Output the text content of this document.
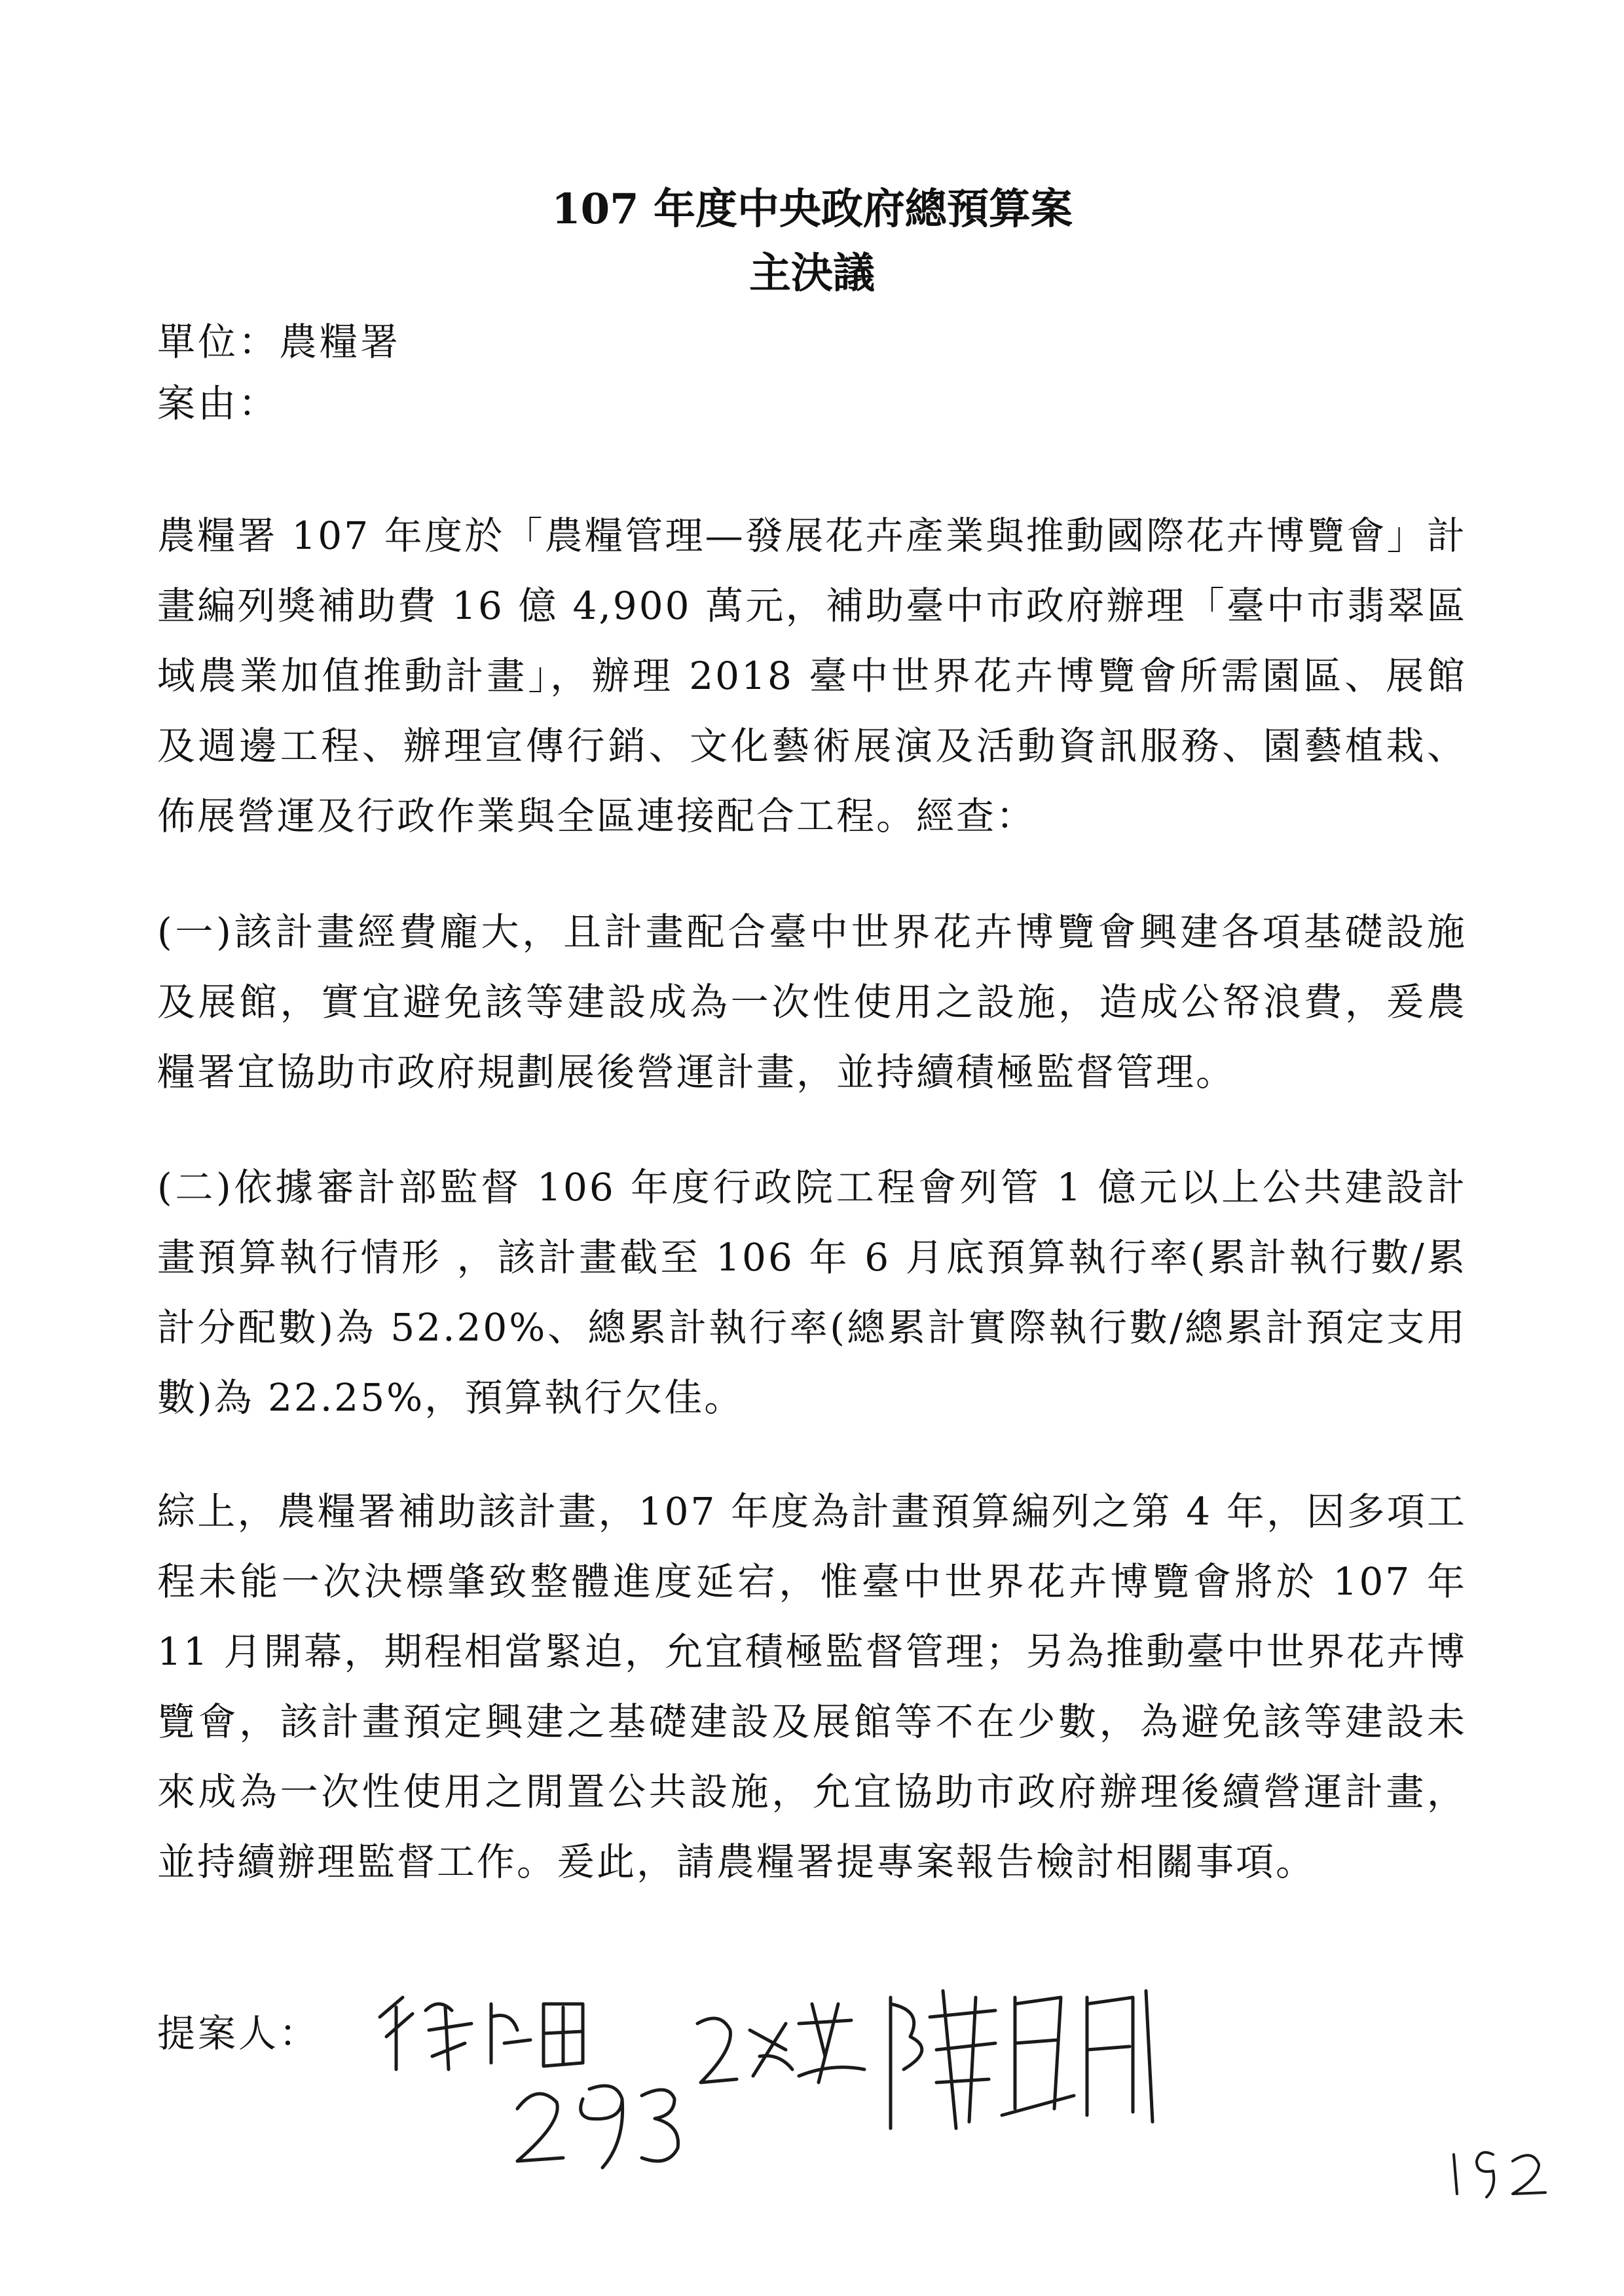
107 年度中央政府總預算案
主決議

單位：農糧署

案由：

農糧署 107 年度於「農糧管理—發展花卉產業與推動國際花卉博覽會」計畫編列獎補助費 16 億 4,900 萬元，補助臺中市政府辦理「臺中市翡翠區域農業加值推動計畫」，辦理 2018 臺中世界花卉博覽會所需園區、展館及週邊工程、辦理宣傳行銷、文化藝術展演及活動資訊服務、園藝植栽、佈展營運及行政作業與全區連接配合工程。經查：

(一)該計畫經費龐大，且計畫配合臺中世界花卉博覽會興建各項基礎設施及展館，實宜避免該等建設成為一次性使用之設施，造成公帑浪費，爰農糧署宜協助市政府規劃展後營運計畫，並持續積極監督管理。

(二)依據審計部監督 106 年度行政院工程會列管 1 億元以上公共建設計畫預算執行情形 ，該計畫截至 106 年 6 月底預算執行率(累計執行數/累計分配數)為 52.20%、總累計執行率(總累計實際執行數/總累計預定支用數)為 22.25%，預算執行欠佳。

綜上，農糧署補助該計畫，107 年度為計畫預算編列之第 4 年，因多項工程未能一次決標肇致整體進度延宕，惟臺中世界花卉博覽會將於 107 年 11 月開幕，期程相當緊迫，允宜積極監督管理；另為推動臺中世界花卉博覽會，該計畫預定興建之基礎建設及展館等不在少數，為避免該等建設未來成為一次性使用之閒置公共設施，允宜協助市政府辦理後續營運計畫，並持續辦理監督工作。爰此，請農糧署提專案報告檢討相關事項。

提案人：
